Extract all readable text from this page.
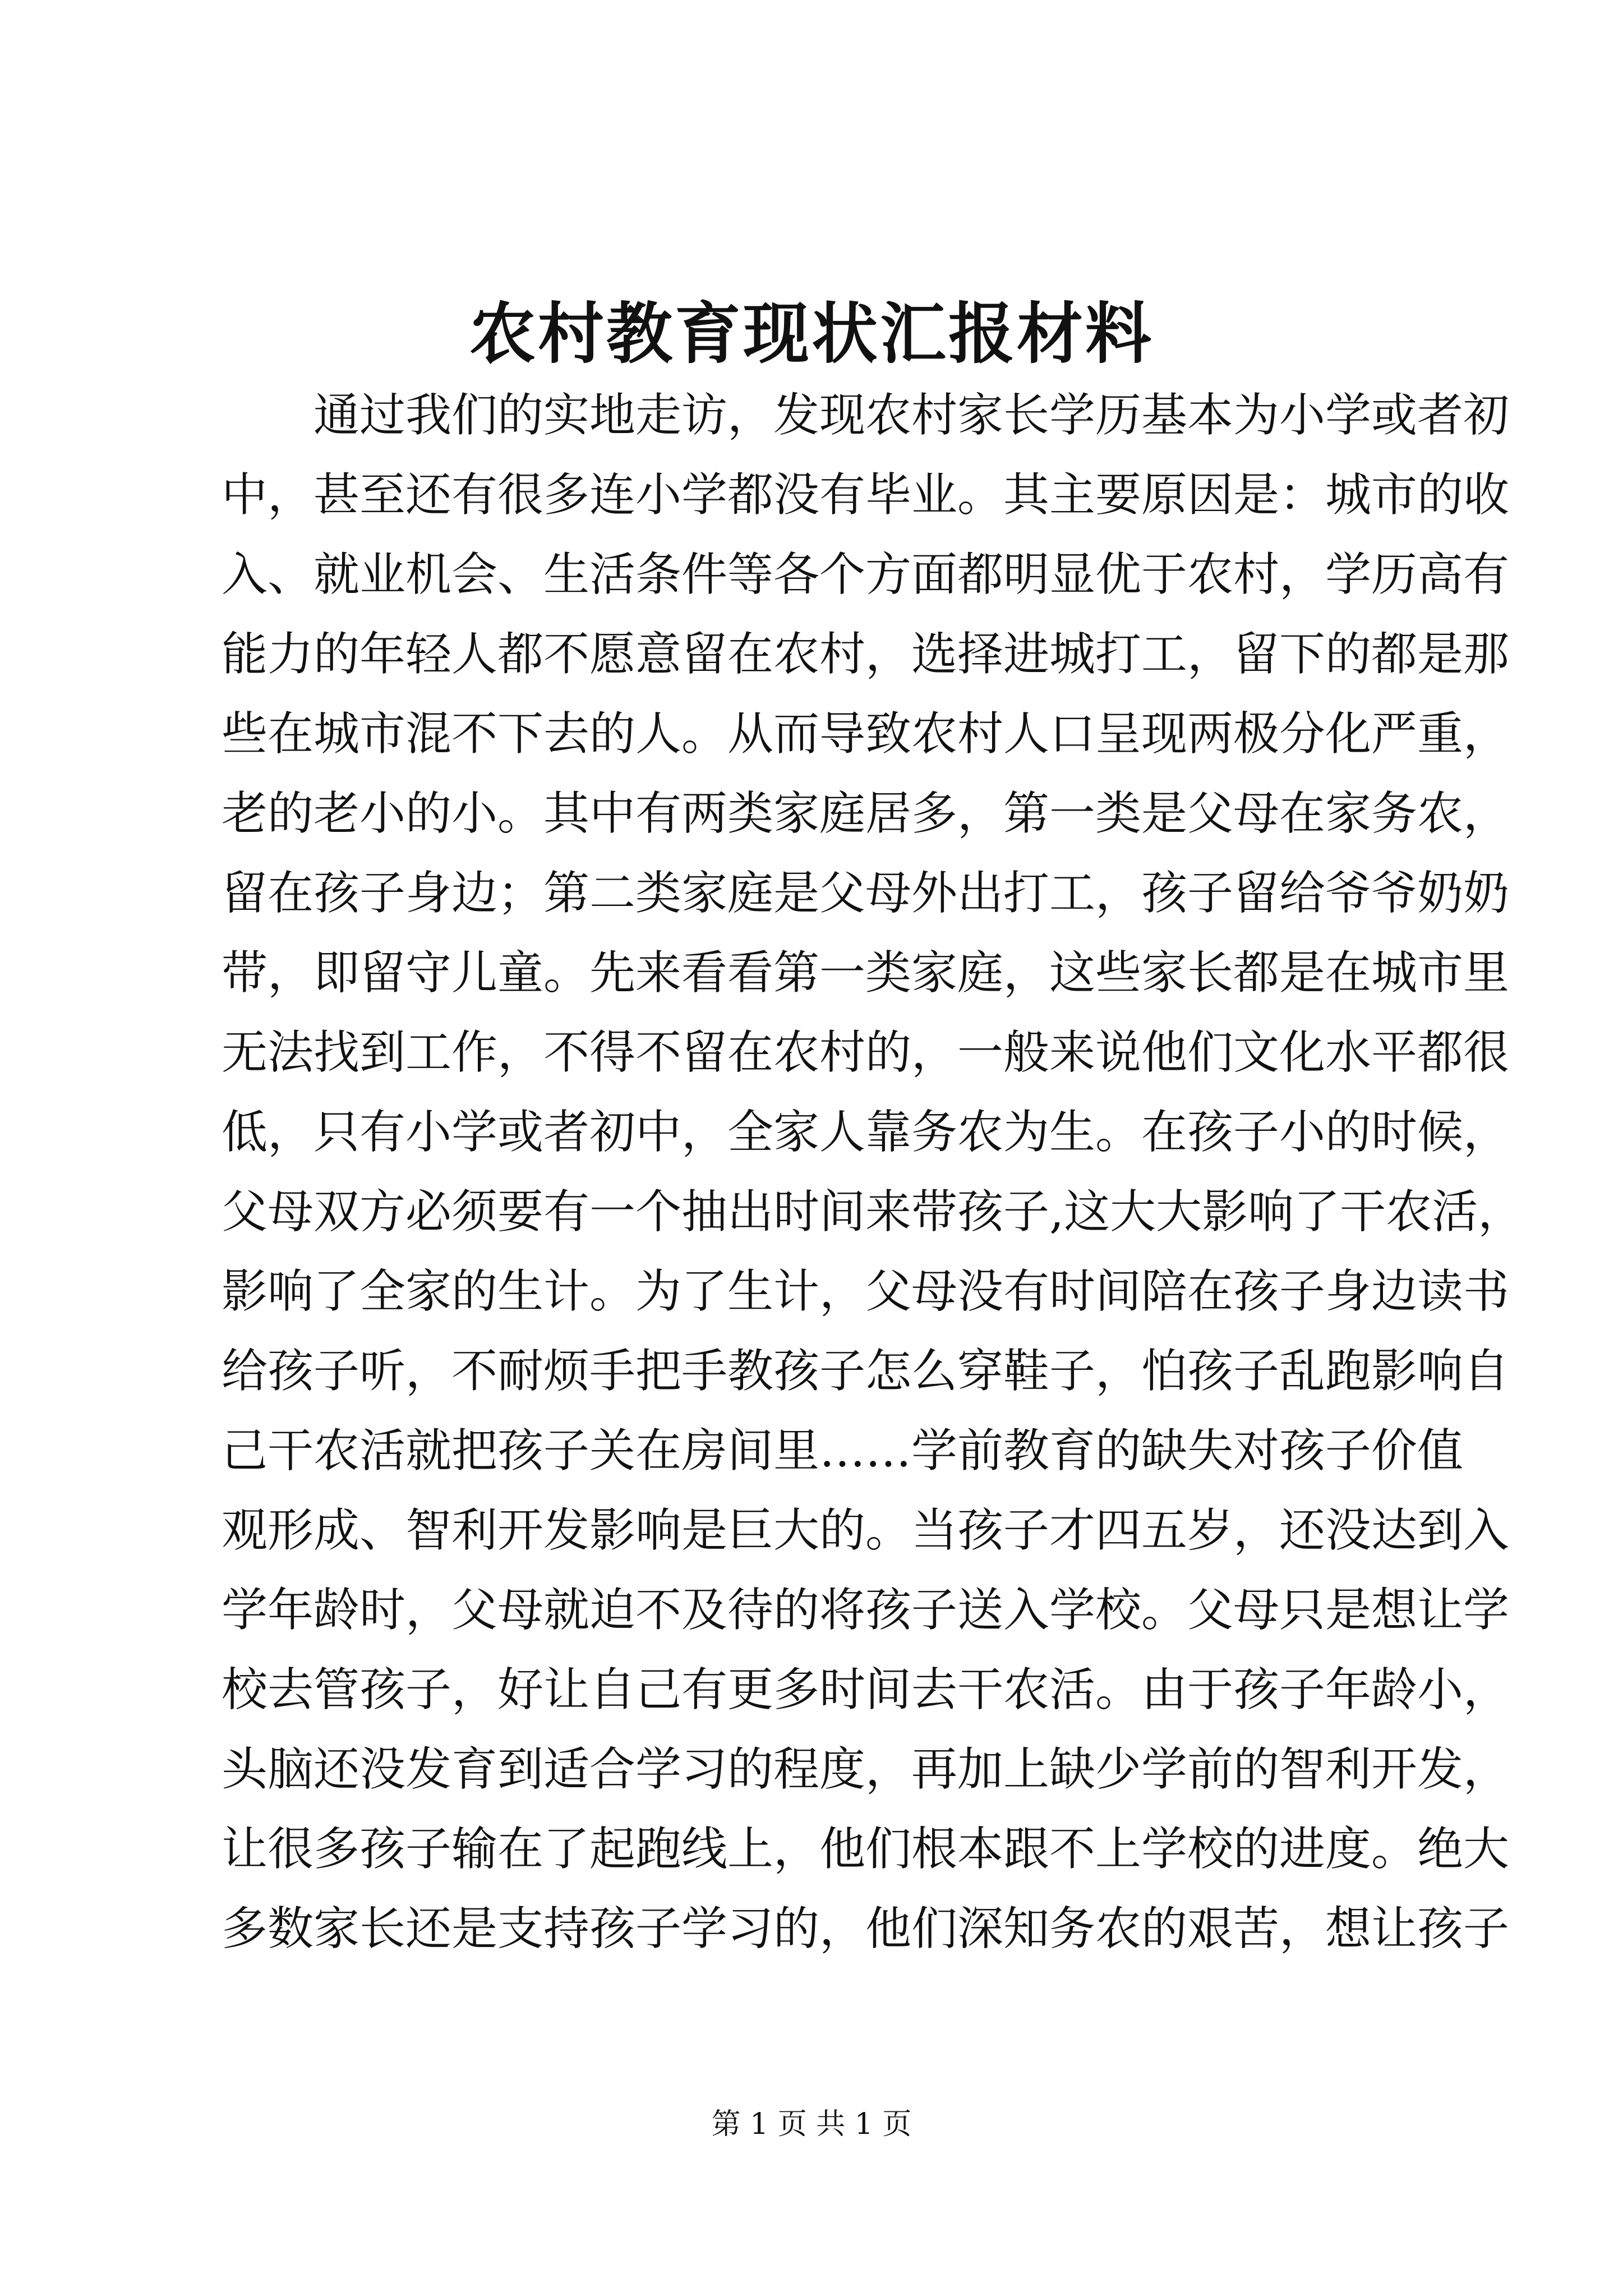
农村教育现状汇报材料
通过我们的实地走访，发现农村家长学历基本为小学或者初
中，甚至还有很多连小学都没有毕业。其主要原因是：城市的收
入、就业机会、生活条件等各个方面都明显优于农村，学历高有
能力的年轻人都不愿意留在农村，选择进城打工，留下的都是那
些在城市混不下去的人。从而导致农村人口呈现两极分化严重，
老的老小的小。其中有两类家庭居多，第一类是父母在家务农，
留在孩子身边；第二类家庭是父母外出打工，孩子留给爷爷奶奶
带，即留守儿童。先来看看第一类家庭，这些家长都是在城市里
无法找到工作，不得不留在农村的，一般来说他们文化水平都很
低，只有小学或者初中，全家人靠务农为生。在孩子小的时候，
父母双方必须要有一个抽出时间来带孩子,这大大影响了干农活，
影响了全家的生计。为了生计，父母没有时间陪在孩子身边读书
给孩子听，不耐烦手把手教孩子怎么穿鞋子，怕孩子乱跑影响自
己干农活就把孩子关在房间里……学前教育的缺失对孩子价值
观形成、智利开发影响是巨大的。当孩子才四五岁，还没达到入
学年龄时，父母就迫不及待的将孩子送入学校。父母只是想让学
校去管孩子，好让自己有更多时间去干农活。由于孩子年龄小，
头脑还没发育到适合学习的程度，再加上缺少学前的智利开发，
让很多孩子输在了起跑线上，他们根本跟不上学校的进度。绝大
多数家长还是支持孩子学习的，他们深知务农的艰苦，想让孩子
第 1 页 共 1 页
